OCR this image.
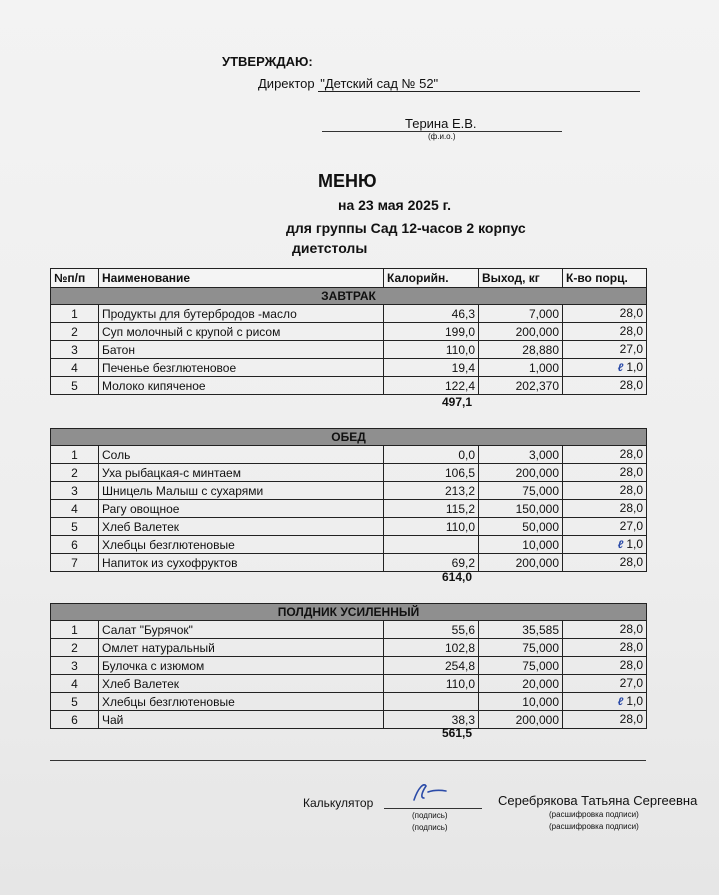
УТВЕРЖДАЮ:
Директор "Детский сад № 52"
Терина Е.В.
(ф.и.о.)
МЕНЮ
на 23 мая 2025 г.
для группы Сад 12-часов 2 корпус
диетстолы
№п/п	Наименование	Калорийн.	Выход, кг	К-во порц.
ЗАВТРАК				
1	Продукты для бутербродов -масло	46,3	7,000	28,0
2	Суп молочный с крупой с рисом	199,0	200,000	28,0
3	Батон	110,0	28,880	27,0
4	Печенье безглютеновое	19,4	1,000	ℓ 1,0
5	Молоко кипяченое	122,4	202,370	28,0
497,1
ОБЕД				
1	Соль	0,0	3,000	28,0
2	Уха рыбацкая-с минтаем	106,5	200,000	28,0
3	Шницель Малыш с сухарями	213,2	75,000	28,0
4	Рагу овощное	115,2	150,000	28,0
5	Хлеб Валетек	110,0	50,000	27,0
6	Хлебцы безглютеновые		10,000	ℓ 1,0
7	Напиток из сухофруктов	69,2	200,000	28,0
614,0
ПОЛДНИК УСИЛЕННЫЙ				
1	Салат "Бурячок"	55,6	35,585	28,0
2	Омлет натуральный	102,8	75,000	28,0
3	Булочка с изюмом	254,8	75,000	28,0
4	Хлеб Валетек	110,0	20,000	27,0
5	Хлебцы безглютеновые		10,000	ℓ 1,0
6	Чай	38,3	200,000	28,0
561,5
Калькулятор
(подпись)
(подпись)
Серебрякова Татьяна Сергеевна
(расшифровка подписи)
(расшифровка подписи)
